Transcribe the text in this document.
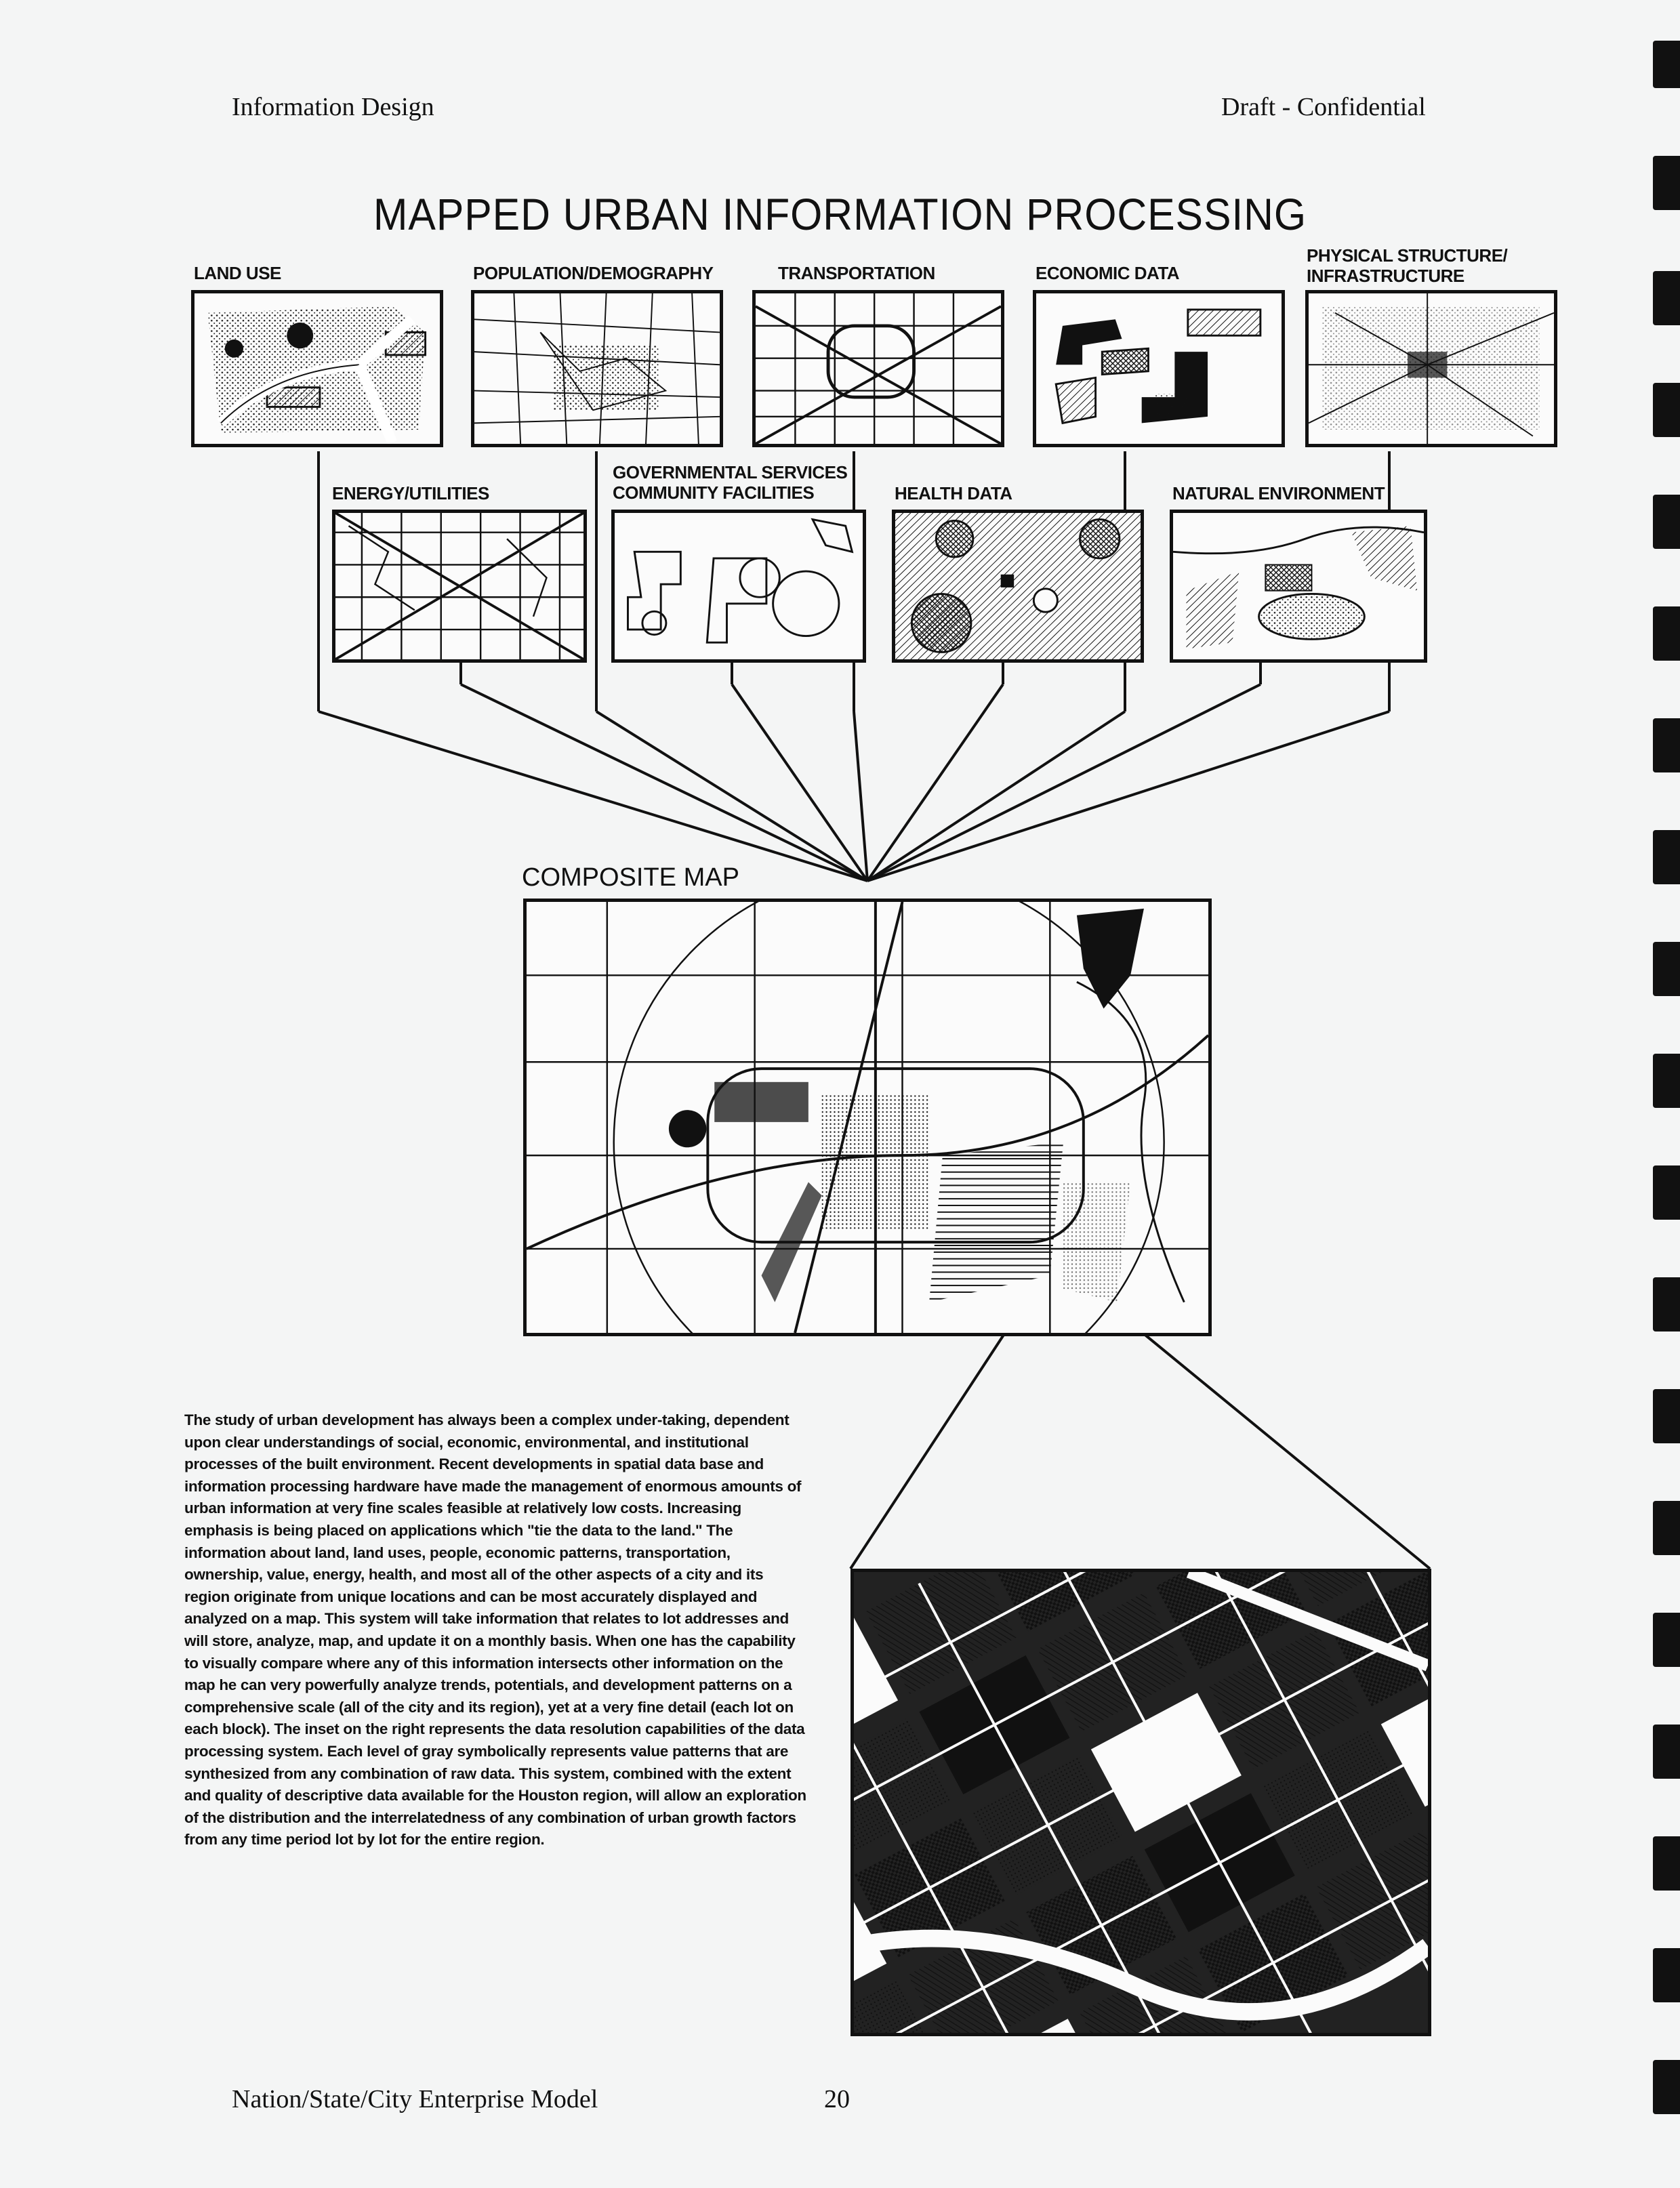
Information Design	Draft - Confidential
MAPPED URBAN INFORMATION PROCESSING
LAND USE	POPULATION/DEMOGRAPHY	TRANSPORTATION	ECONOMIC DATA
PHYSICAL STRUCTURE/
INFRASTRUCTURE
ENERGY/UTILITIES
GOVERNMENTAL SERVICES
COMMUNITY FACILITIES	HEALTH DATA	NATURAL ENVIRONMENT
COMPOSITE MAP
The study of urban development has always been a complex under-taking, dependent upon clear understandings of social, economic, environmental, and institutional processes of the built environment. Recent developments in spatial data base and information processing hardware have made the management of enormous amounts of urban information at very fine scales feasible at relatively low costs. Increasing emphasis is being placed on applications which "tie the data to the land." The information about land, land uses, people, economic patterns, transportation, ownership, value, energy, health, and most all of the other aspects of a city and its region originate from unique locations and can be most accurately displayed and analyzed on a map. This system will take information that relates to lot addresses and will store, analyze, map, and update it on a monthly basis. When one has the capability to visually compare where any of this information intersects other information on the map he can very powerfully analyze trends, potentials, and development patterns on a comprehensive scale (all of the city and its region), yet at a very fine detail (each lot on each block). The inset on the right represents the data resolution capabilities of the data processing system. Each level of gray symbolically represents value patterns that are synthesized from any combination of raw data. This system, combined with the extent and quality of descriptive data available for the Houston region, will allow an exploration of the distribution and the interrelatedness of any combination of urban growth factors from any time period lot by lot for the entire region.
Nation/State/City Enterprise Model	20
